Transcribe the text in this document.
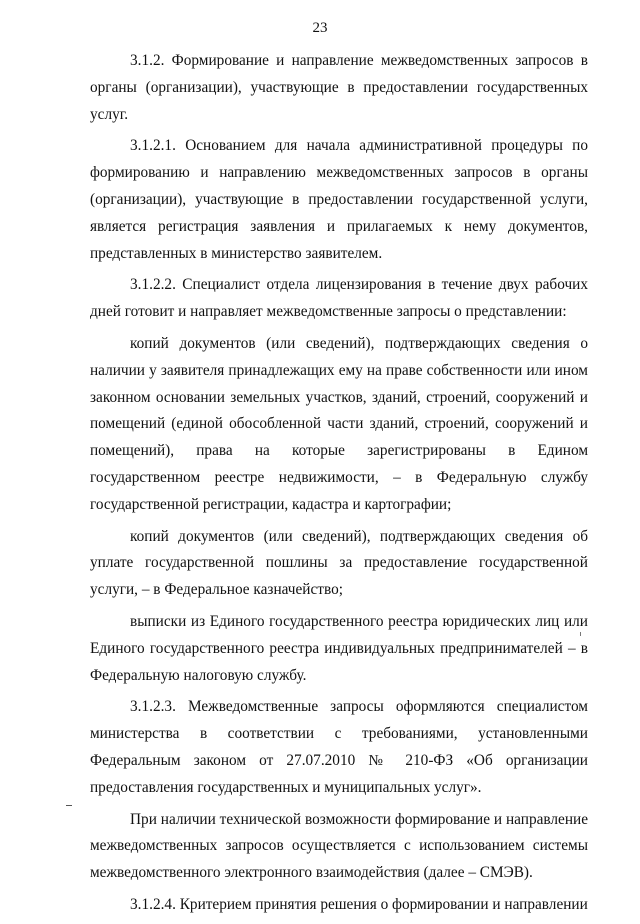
23

3.1.2. Формирование и направление межведомственных запросов в органы (организации), участвующие в предоставлении государственных услуг.

3.1.2.1. Основанием для начала административной процедуры по формированию и направлению межведомственных запросов в органы (организации), участвующие в предоставлении государственной услуги, является регистрация заявления и прилагаемых к нему документов, представленных в министерство заявителем.

3.1.2.2. Специалист отдела лицензирования в течение двух рабочих дней готовит и направляет межведомственные запросы о представлении:

копий документов (или сведений), подтверждающих сведения о наличии у заявителя принадлежащих ему на праве собственности или ином законном основании земельных участков, зданий, строений, сооружений и помещений (единой обособленной части зданий, строений, сооружений и помещений), права на которые зарегистрированы в Едином государственном реестре недвижимости, – в Федеральную службу государственной регистрации, кадастра и картографии;

копий документов (или сведений), подтверждающих сведения об уплате государственной пошлины за предоставление государственной услуги, – в Федеральное казначейство;

выписки из Единого государственного реестра юридических лиц или Единого государственного реестра индивидуальных предпринимателей – в Федеральную налоговую службу.

3.1.2.3. Межведомственные запросы оформляются специалистом министерства в соответствии с требованиями, установленными Федеральным законом от 27.07.2010 № 210-ФЗ «Об организации предоставления государственных и муниципальных услуг».

При наличии технической возможности формирование и направление межведомственных запросов осуществляется с использованием системы межведомственного электронного взаимодействия (далее – СМЭВ).

3.1.2.4. Критерием принятия решения о формировании и направлении
